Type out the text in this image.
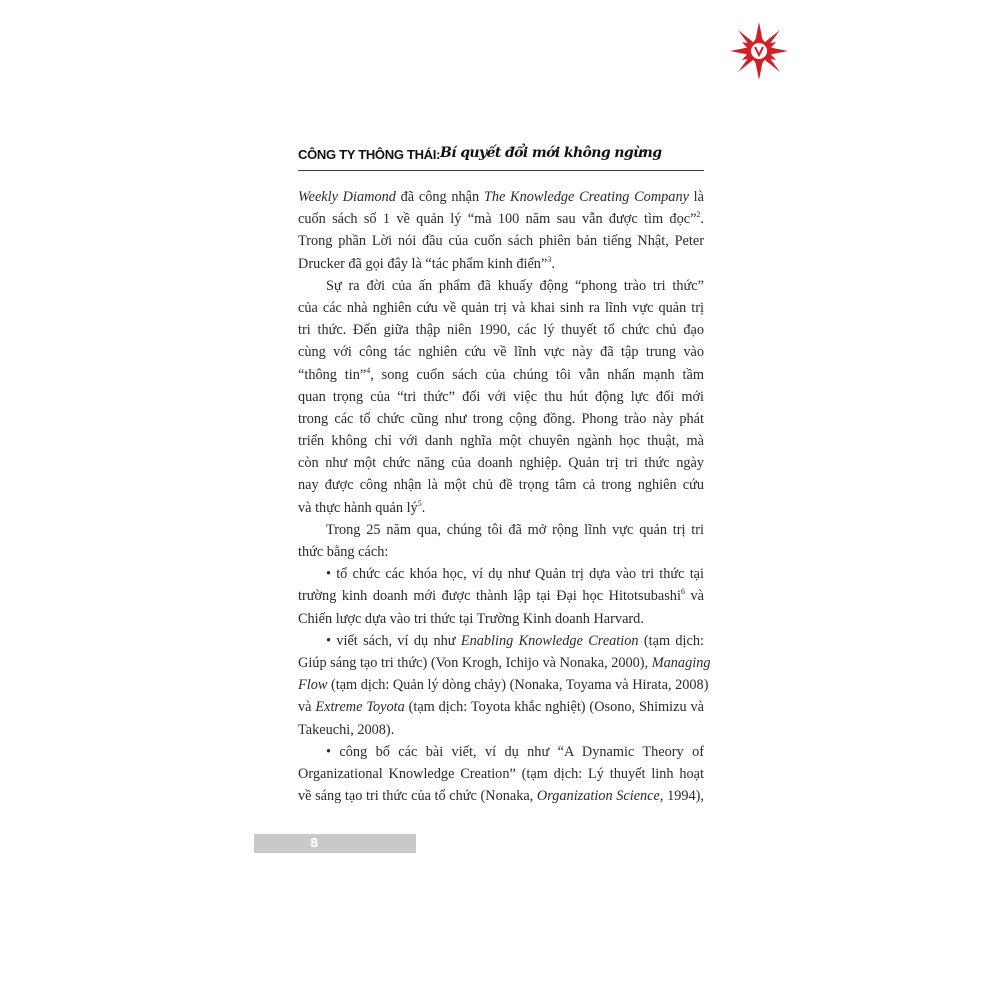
CÔNG TY THÔNG THÁI: Bí quyết đổi mới không ngừng
Weekly Diamond đã công nhận The Knowledge Creating Company là
cuốn sách số 1 về quản lý “mà 100 năm sau vẫn được tìm đọc”$^2$.
Trong phần Lời nói đầu của cuốn sách phiên bản tiếng Nhật, Peter
Drucker đã gọi đây là “tác phẩm kinh điển”$^3$.
Sự ra đời của ấn phẩm đã khuấy động “phong trào tri thức”
của các nhà nghiên cứu về quản trị và khai sinh ra lĩnh vực quản trị
tri thức. Đến giữa thập niên 1990, các lý thuyết tổ chức chủ đạo
cùng với công tác nghiên cứu về lĩnh vực này đã tập trung vào
“thông tin”$^4$, song cuốn sách của chúng tôi vẫn nhấn mạnh tầm
quan trọng của “tri thức” đối với việc thu hút động lực đổi mới
trong các tổ chức cũng như trong cộng đồng. Phong trào này phát
triển không chỉ với danh nghĩa một chuyên ngành học thuật, mà
còn như một chức năng của doanh nghiệp. Quản trị tri thức ngày
nay được công nhận là một chủ đề trọng tâm cả trong nghiên cứu
và thực hành quản $lý^5$.
Trong 25 năm qua, chúng tôi đã mở rộng lĩnh vực quản trị tri
thức bằng cách:
• tổ chức các khóa học, ví dụ như Quản trị dựa vào tri thức tại
trường kinh doanh mới được thành lập tại Đại học Hitotsubashi$^6$ và
Chiến lược dựa vào tri thức tại Trường Kinh doanh Harvard.
• viết sách, ví dụ như Enabling Knowledge Creation (tạm dịch:
Giúp sáng tạo tri thức) (Von Krogh, Ichijo và Nonaka, 2000), Managing
Flow (tạm dịch: Quản lý dòng chảy) (Nonaka, Toyama và Hirata, 2008)
và Extreme Toyota (tạm dịch: Toyota khắc nghiệt) (Osono, Shimizu và
Takeuchi, 2008).
• công bố các bài viết, ví dụ như “A Dynamic Theory of
Organizational Knowledge Creation” (tạm dịch: Lý thuyết linh hoạt
về sáng tạo tri thức của tổ chức (Nonaka, Organization Science, 1994),
8
